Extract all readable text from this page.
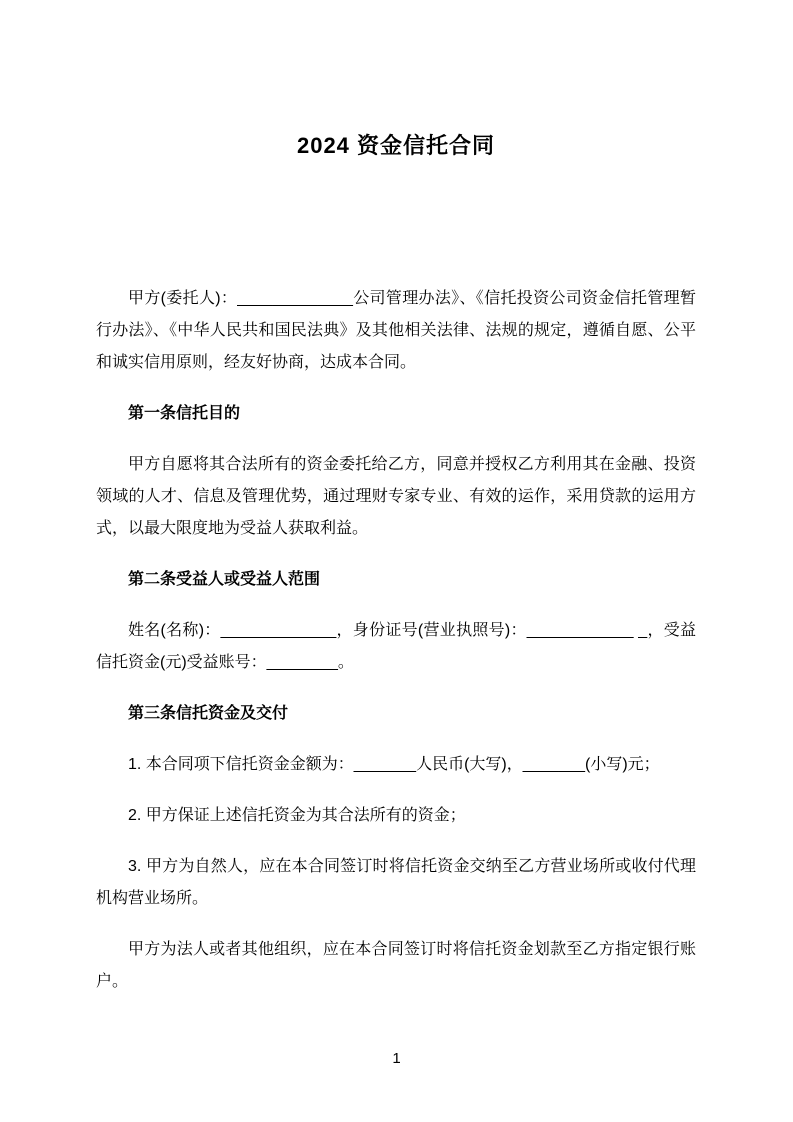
2024 资金信托合同

甲方(委托人)：_____________公司管理办法》、《信托投资公司资金信托管理暂行办法》、《中华人民共和国民法典》及其他相关法律、法规的规定，遵循自愿、公平和诚实信用原则，经友好协商，达成本合同。

第一条信托目的

甲方自愿将其合法所有的资金委托给乙方，同意并授权乙方利用其在金融、投资领域的人才、信息及管理优势，通过理财专家专业、有效的运作，采用贷款的运用方式，以最大限度地为受益人获取利益。

第二条受益人或受益人范围

姓名(名称)：_____________，身份证号(营业执照号)：____________ _，受益信托资金(元)受益账号：________。

第三条信托资金及交付

1. 本合同项下信托资金金额为：_______人民币(大写)，_______(小写)元；

2. 甲方保证上述信托资金为其合法所有的资金；

3. 甲方为自然人，应在本合同签订时将信托资金交纳至乙方营业场所或收付代理机构营业场所。

甲方为法人或者其他组织，应在本合同签订时将信托资金划款至乙方指定银行账户。

1
